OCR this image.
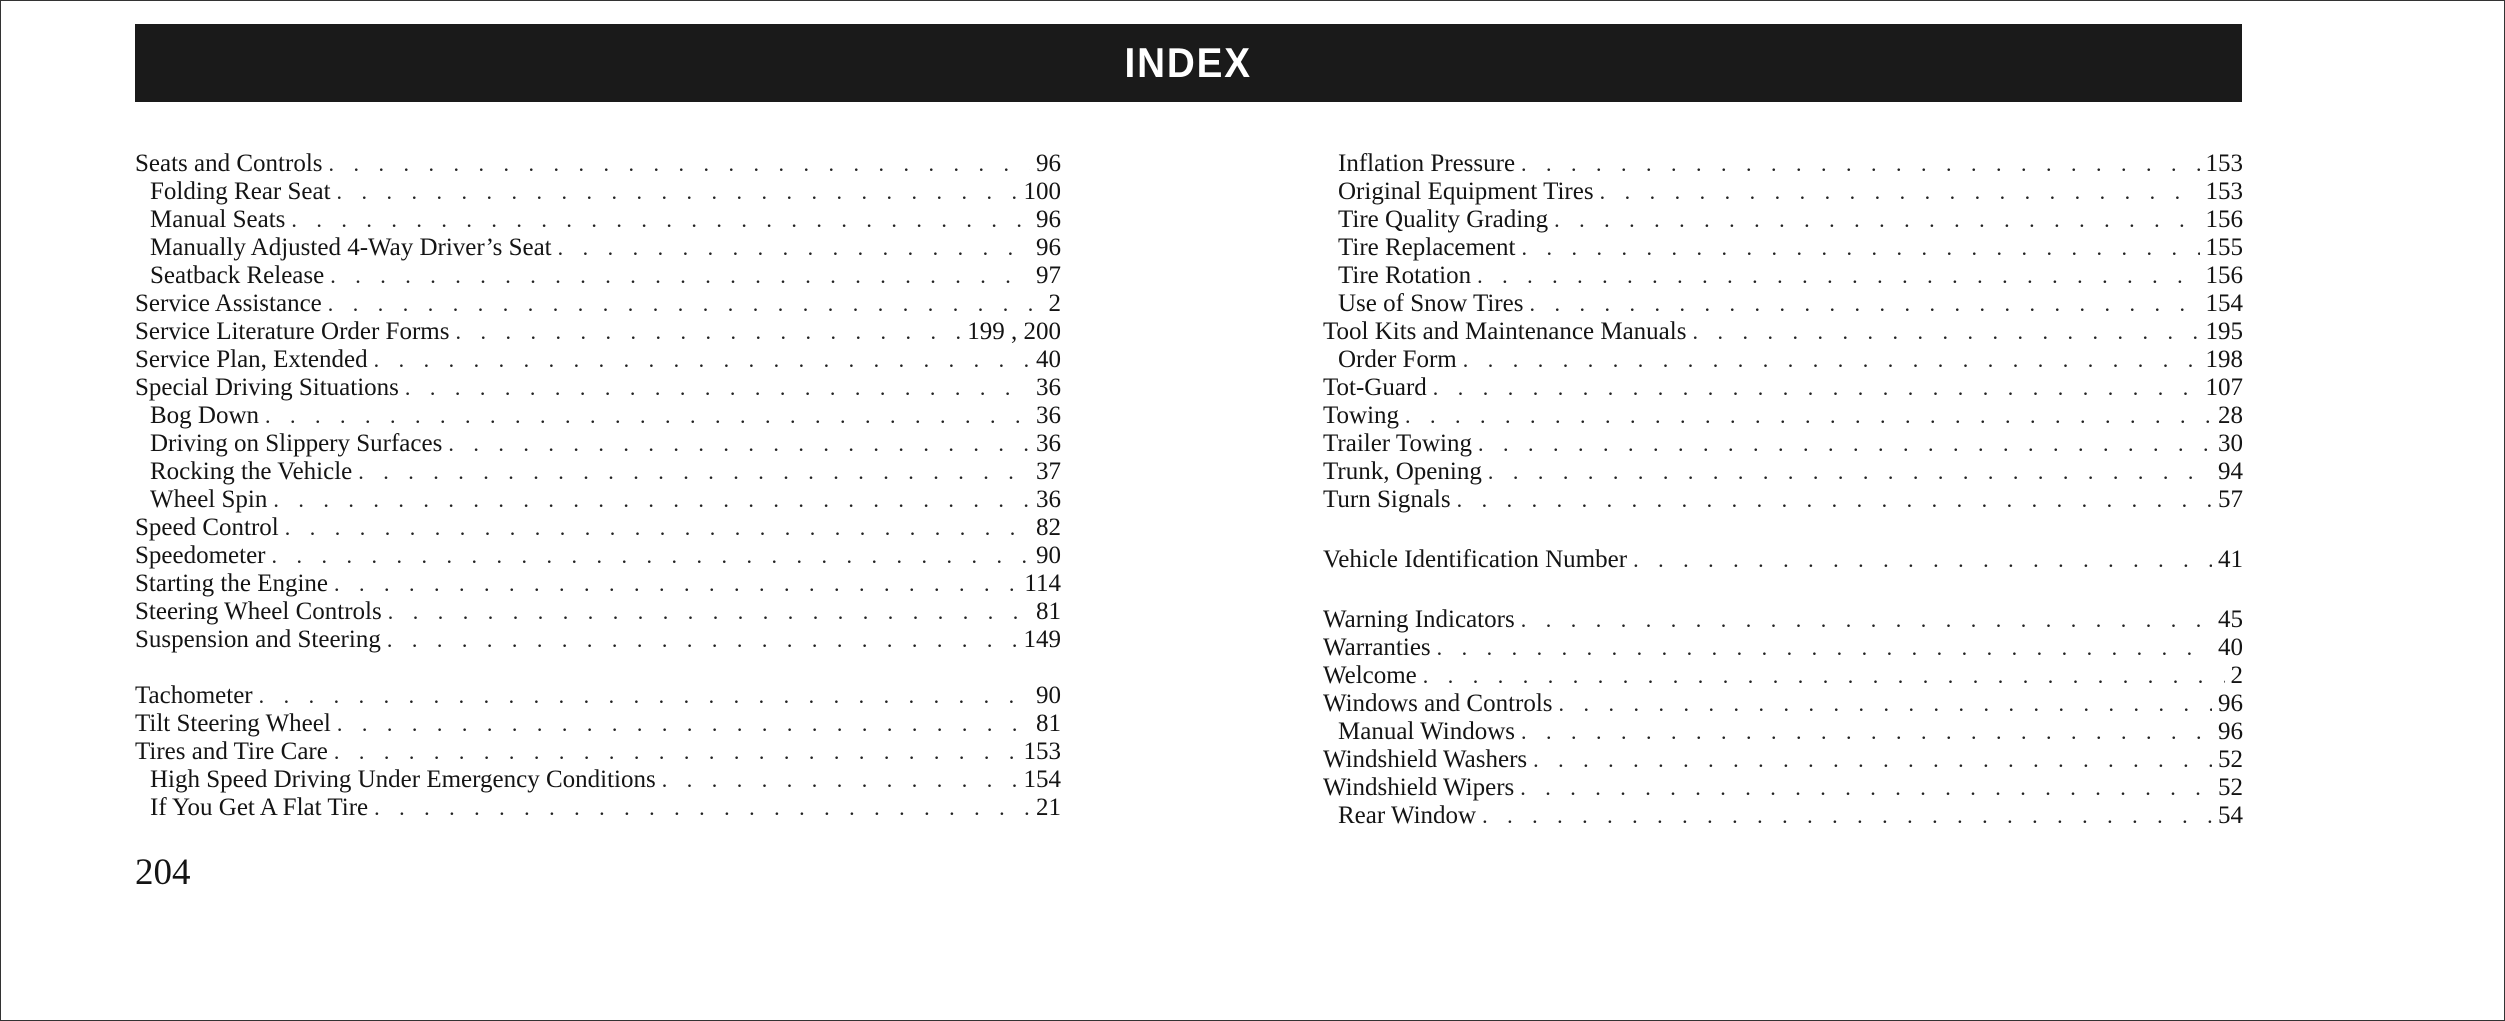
INDEX
Seats and Controls . . .	96
Folding Rear Seat . . .	100
Manual Seats . . .	96
Manually Adjusted 4-Way Driver’s Seat . . .	96
Seatback Release . . .	97
Service Assistance . . .	2
Service Literature Order Forms . . .	199 , 200
Service Plan, Extended . . .	40
Special Driving Situations . . .	36
Bog Down . . .	36
Driving on Slippery Surfaces . . .	36
Rocking the Vehicle . . .	37
Wheel Spin . . .	36
Speed Control . . .	82
Speedometer . . .	90
Starting the Engine . . .	114
Steering Wheel Controls . . .	81
Suspension and Steering . . .	149
Tachometer . . .	90
Tilt Steering Wheel . . .	81
Tires and Tire Care . . .	153
High Speed Driving Under Emergency Conditions . . .	154
If You Get A Flat Tire . . .	21
Inflation Pressure . . .	153
Original Equipment Tires . . .	153
Tire Quality Grading . . .	156
Tire Replacement . . .	155
Tire Rotation . . .	156
Use of Snow Tires . . .	154
Tool Kits and Maintenance Manuals . . .	195
Order Form . . .	198
Tot-Guard . . .	107
Towing . . .	28
Trailer Towing . . .	30
Trunk, Opening . . .	94
Turn Signals . . .	57
Vehicle Identification Number . . .	41
Warning Indicators . . .	45
Warranties . . .	40
Welcome . . .	2
Windows and Controls . . .	96
Manual Windows . . .	96
Windshield Washers . . .	52
Windshield Wipers . . .	52
Rear Window . . .	54
204
